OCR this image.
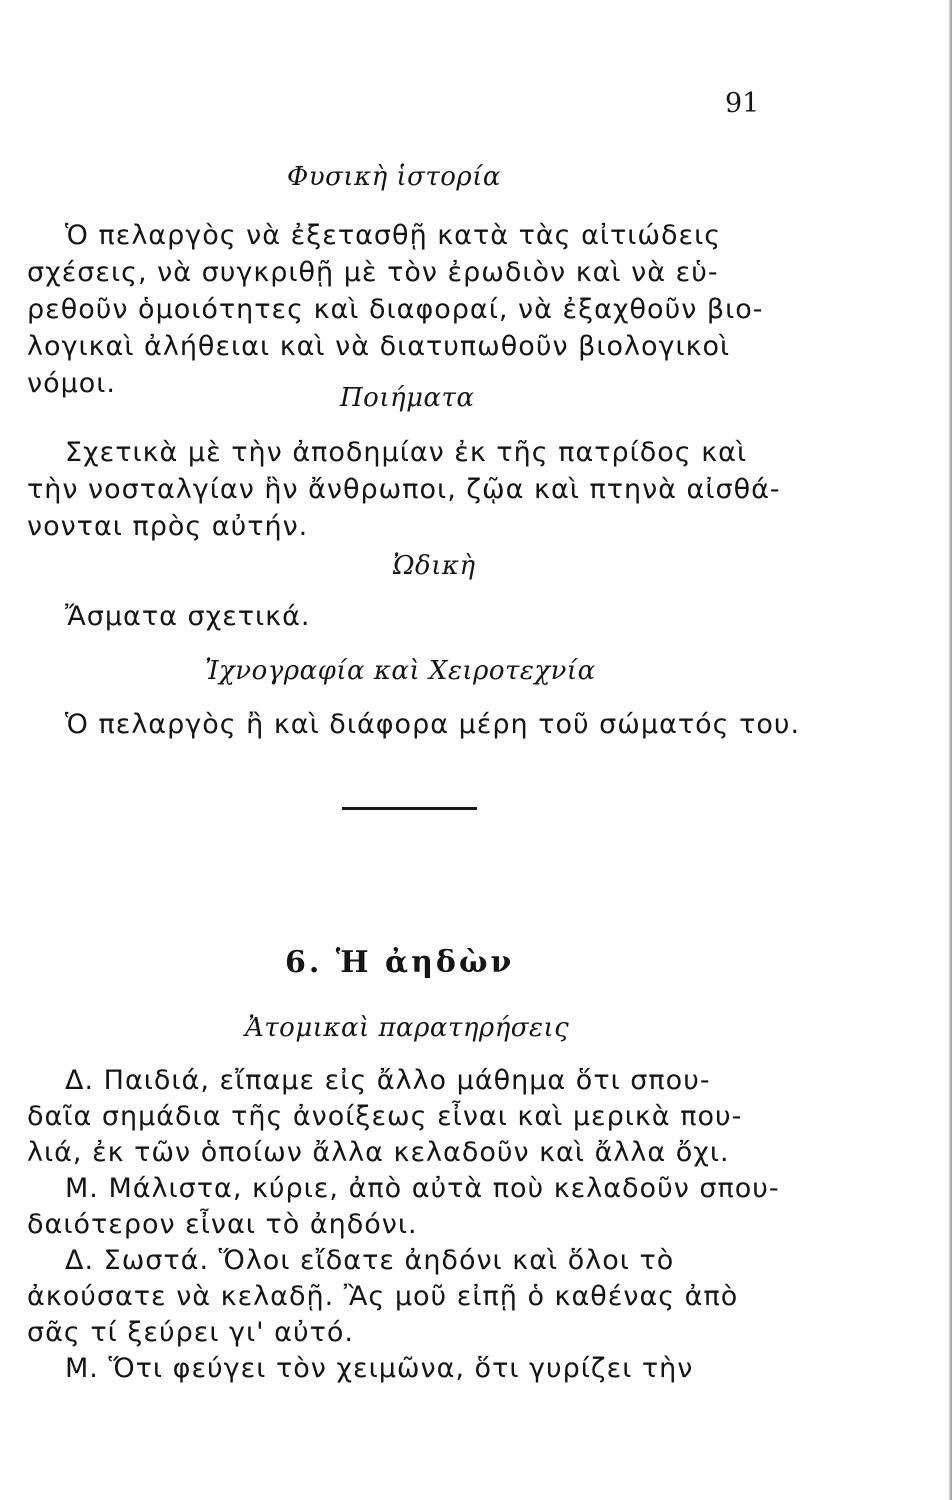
91
Φυσικὴ ἱστορία
Ὁ πελαργὸς νὰ ἐξετασθῇ κατὰ τὰς αἰτιώδεις
σχέσεις, νὰ συγκριθῇ μὲ τὸν ἐρωδιὸν καὶ νὰ εὑ-
ρεθοῦν ὁμοιότητες καὶ διαφοραί, νὰ ἐξαχθοῦν βιο-
λογικαὶ ἀλήθειαι καὶ νὰ διατυπωθοῦν βιολογικοὶ
νόμοι.	Ποιήματα
Σχετικὰ μὲ τὴν ἀποδημίαν ἐκ τῆς πατρίδος καὶ
τὴν νοσταλγίαν ἣν ἄνθρωποι, ζῷα καὶ πτηνὰ αἰσθά-
νονται πρὸς αὐτήν.
Ὠδικὴ
Ἄσματα σχετικά.
Ἰχνογραφία καὶ Χειροτεχνία
Ὁ πελαργὸς ἢ καὶ διάφορα μέρη τοῦ σώματός του.
6. Ἡ ἀηδὼν
Ἀτομικαὶ παρατηρήσεις
Δ. Παιδιά, εἴπαμε εἰς ἄλλο μάθημα ὅτι σπου-
δαῖα σημάδια τῆς ἀνοίξεως εἶναι καὶ μερικὰ που-
λιά, ἐκ τῶν ὁποίων ἄλλα κελαδοῦν καὶ ἄλλα ὄχι.
Μ. Μάλιστα, κύριε, ἀπὸ αὐτὰ ποὺ κελαδοῦν σπου-
δαιότερον εἶναι τὸ ἀηδόνι.
Δ. Σωστά. Ὅλοι εἴδατε ἀηδόνι καὶ ὅλοι τὸ
ἀκούσατε νὰ κελαδῇ. Ἂς μοῦ εἰπῇ ὁ καθένας ἀπὸ
σᾶς τί ξεύρει γι' αὐτό.
Μ. Ὅτι φεύγει τὸν χειμῶνα, ὅτι γυρίζει τὴν
